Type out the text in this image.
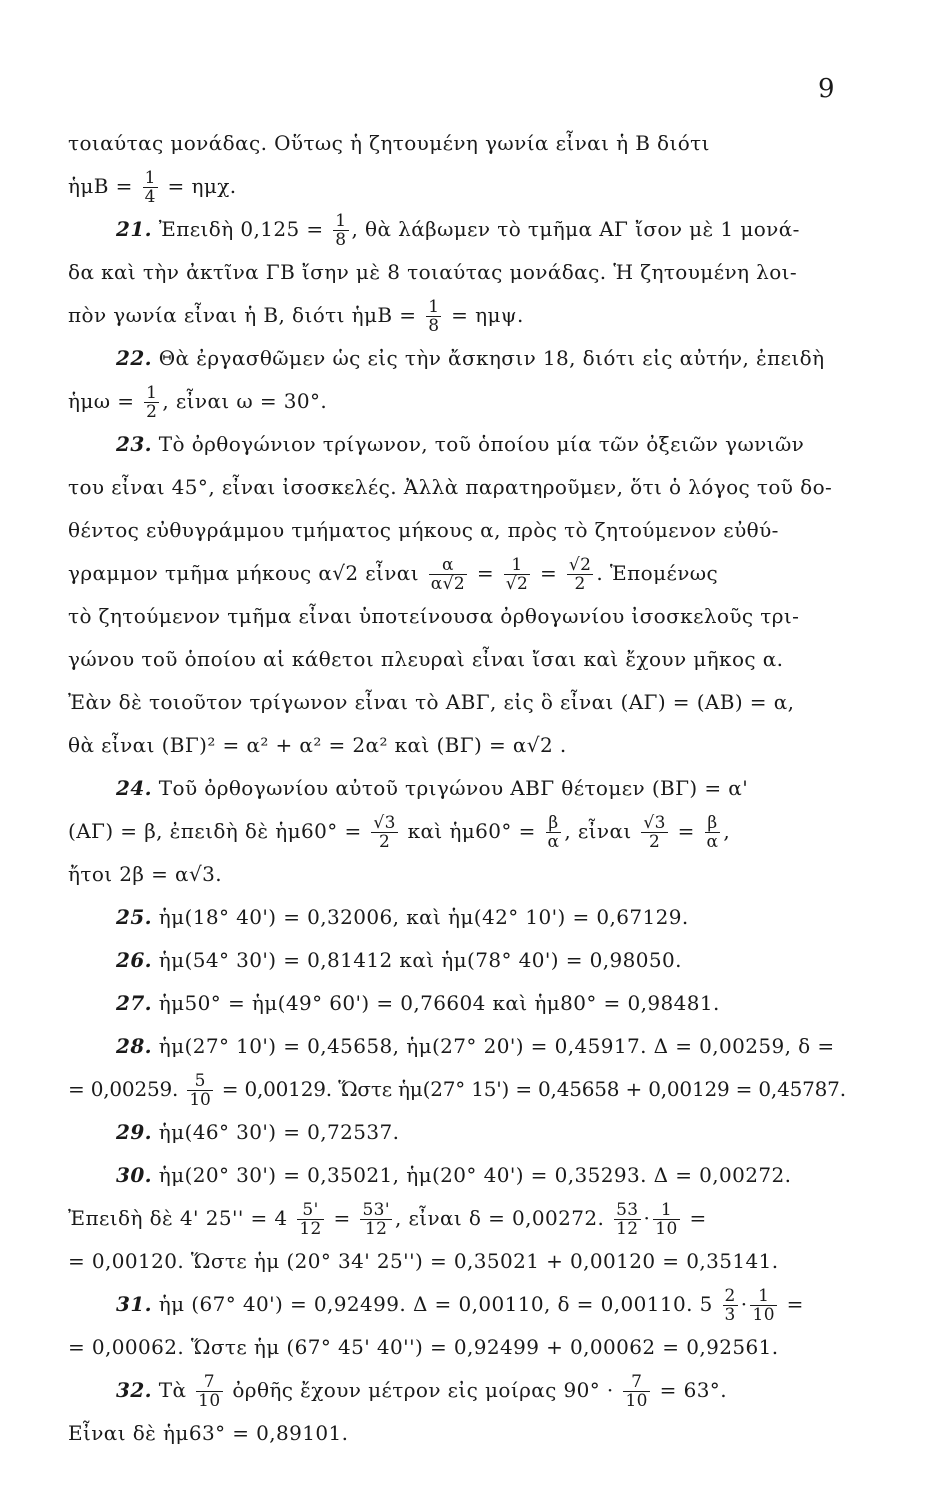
9
τοιαύτας μονάδας. Οὕτως ἡ ζητουμένη γωνία εἶναι ἡ Β διότι
ἡμΒ = $\frac{1}{4} = \eta\mu\chi$.
21. Ἐπειδὴ $0,125 = \frac{1}{8}$ , θὰ λάβωμεν τὸ τμῆμα ΑΓ ἴσον μὲ 1 μονά-
δα καὶ τὴν ἀκτῖνα ΓΒ ἴσην μὲ 8 τοιαύτας μονάδας. Ἡ ζητουμένη λοι-
πὸν γωνία εἶναι ἡ Β, διότι ἡμΒ = $\frac{1}{8} = \eta\mu\psi$.
22. Θὰ ἐργασθῶμεν ὡς εἰς τὴν ἄσκησιν 18, διότι εἰς αὐτήν, ἐπειδὴ
ἡμω = $\frac{1}{2}$ , εἶναι ω = 30°.
23. Τὸ ὀρθογώνιον τρίγωνον, τοῦ ὁποίου μία τῶν ὀξειῶν γωνιῶν
του εἶναι 45°, εἶναι ἰσοσκελές. Ἀλλὰ παρατηροῦμεν, ὅτι ὁ λόγος τοῦ δο-
θέντος εὐθυγράμμου τμήματος μήκους α, πρὸς τὸ ζητούμενον εὐθύ-
γραμμον τμῆμα μήκους α√2 εἶναι $\frac{\alpha}{\alpha√2} = \frac{1}{√2} = \frac{√2}{2}$ . Ἑπομένως
τὸ ζητούμενον τμῆμα εἶναι ὑποτείνουσα ὀρθογωνίου ἰσοσκελοῦς τρι-
γώνου τοῦ ὁποίου αἱ κάθετοι πλευραὶ εἶναι ἴσαι καὶ ἔχουν μῆκος α.
Ἐὰν δὲ τοιοῦτον τρίγωνον εἶναι τὸ ΑΒΓ, εἰς ὃ εἶναι (ΑΓ) = (ΑΒ) = α,
θὰ εἶναι (ΒΓ)² = α² + α² = 2α² καὶ (ΒΓ) = α√2 .
24. Τοῦ ὀρθογωνίου αὐτοῦ τριγώνου ΑΒΓ θέτομεν (ΒΓ) = α'
(ΑΓ) = β, ἐπειδὴ δὲ ἡμ60° = $\frac{√3}{2}$ καὶ ἡμ60° = $\frac{\beta}{\alpha}$ , εἶναι $\frac{√3}{2} = \frac{\beta}{\alpha}$ ,
ἤτοι 2β = α√3.
25. ἡμ(18° 40') = 0,32006, καὶ ἡμ(42° 10') = 0,67129.
26. ἡμ(54° 30') = 0,81412 καὶ ἡμ(78° 40') = 0,98050.
27. ἡμ50° = ἡμ(49° 60') = 0,76604 καὶ ἡμ80° = 0,98481.
28. ἡμ(27° 10') = 0,45658, ἡμ(27° 20') = 0,45917. Δ = 0,00259, δ =
= 0,00259. $\frac{5}{10} = 0,00129$. Ὥστε ἡμ(27° 15') = 0,45658 + 0,00129 = 0,45787.
29. ἡμ(46° 30') = 0,72537.
30. ἡμ(20° 30') = 0,35021, ἡμ(20° 40') = 0,35293. Δ = 0,00272.
Ἐπειδὴ δὲ 4' $25'' = 4 \frac{5'}{12} = \frac{53'}{12}$ , εἶναι δ = 0,00272. $\frac{53}{12} \cdot \frac{1}{10}$ =
= 0,00120. Ὥστε ἡμ (20° 34' 25'') = 0,35021 + 0,00120 = 0,35141.
31. ἡμ (67° 40') = 0,92499. Δ = 0,00110, δ = 0,00110. $5 \frac{2}{3} \cdot \frac{1}{10}$ =
= 0,00062. Ὥστε ἡμ (67° 45' 40'') = 0,92499 + 0,00062 = 0,92561.
32. Τὰ $\frac{7}{10}$ ὀρθῆς ἔχουν μέτρον εἰς μοίρας $90^\circ \cdot \frac{7}{10} = 63^\circ$.
Εἶναι δὲ ἡμ63° = 0,89101.
